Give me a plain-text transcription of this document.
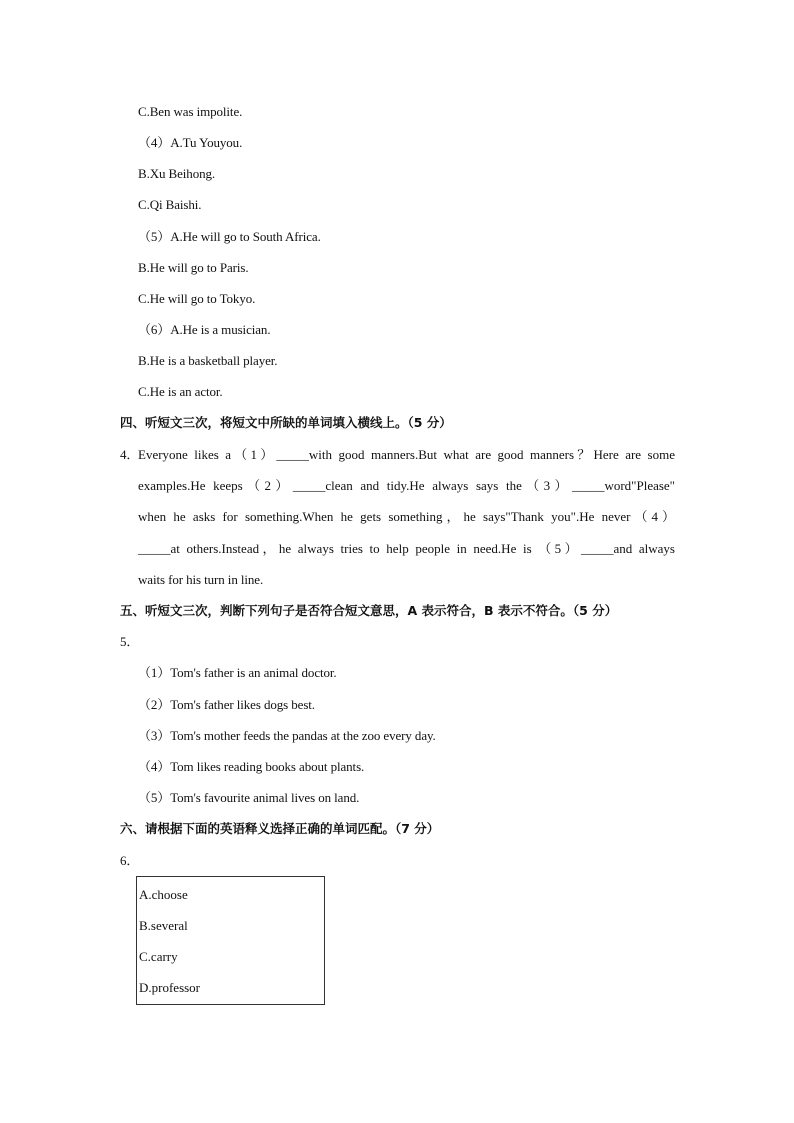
C.Ben was impolite.
（4）A.Tu Youyou.
B.Xu Beihong.
C.Qi Baishi.
（5）A.He will go to South Africa.
B.He will go to Paris.
C.He will go to Tokyo.
（6）A.He is a musician.
B.He is a basketball player.
C.He is an actor.
四、听短文三次，将短文中所缺的单词填入横线上。（5 分）
4．
Everyone likes a（1）_____with good manners.But what are good manners？Here are some
examples.He keeps（2）_____clean and tidy.He always says the（3）_____word"Please"
when he asks for something.When he gets something，he says"Thank you".He never（4）
_____at others.Instead，he always tries to help people in need.He is （5）_____and always
waits for his turn in line.
五、听短文三次，判断下列句子是否符合短文意思，A 表示符合，B 表示不符合。（5 分）
5．
（1）Tom's father is an animal doctor.
（2）Tom's father likes dogs best.
（3）Tom's mother feeds the pandas at the zoo every day.
（4）Tom likes reading books about plants.
（5）Tom's favourite animal lives on land.
六、请根据下面的英语释义选择正确的单词匹配。（7 分）
6．
A.choose
B.several
C.carry
D.professor
